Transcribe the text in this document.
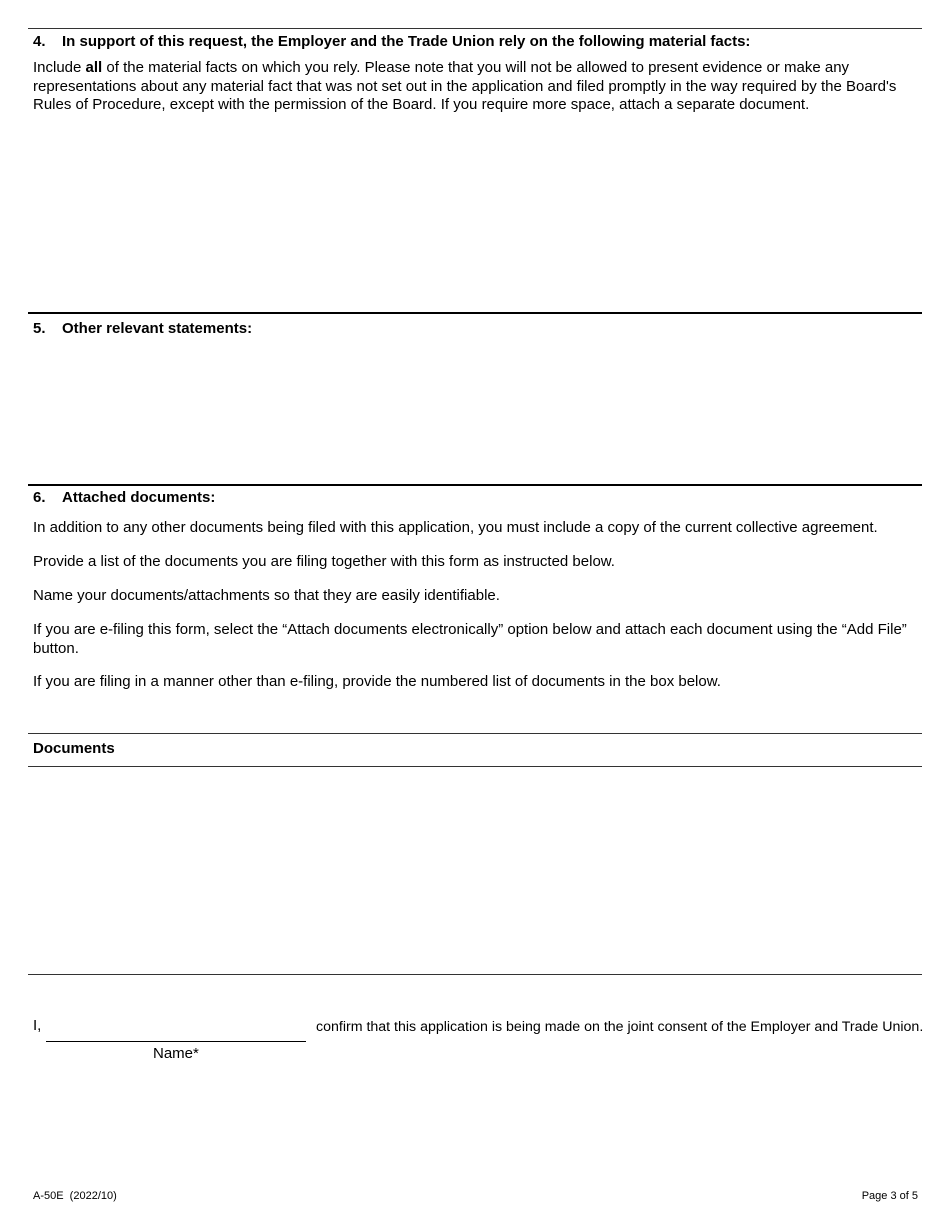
4. In support of this request, the Employer and the Trade Union rely on the following material facts:
Include all of the material facts on which you rely. Please note that you will not be allowed to present evidence or make any representations about any material fact that was not set out in the application and filed promptly in the way required by the Board's Rules of Procedure, except with the permission of the Board. If you require more space, attach a separate document.
5. Other relevant statements:
6. Attached documents:
In addition to any other documents being filed with this application, you must include a copy of the current collective agreement.
Provide a list of the documents you are filing together with this form as instructed below.
Name your documents/attachments so that they are easily identifiable.
If you are e-filing this form, select the “Attach documents electronically” option below and attach each document using the “Add File” button.
If you are filing in a manner other than e-filing, provide the numbered list of documents in the box below.
Documents
I,
Name*
confirm that this application is being made on the joint consent of the Employer and Trade Union.
A-50E  (2022/10)	Page 3 of 5
